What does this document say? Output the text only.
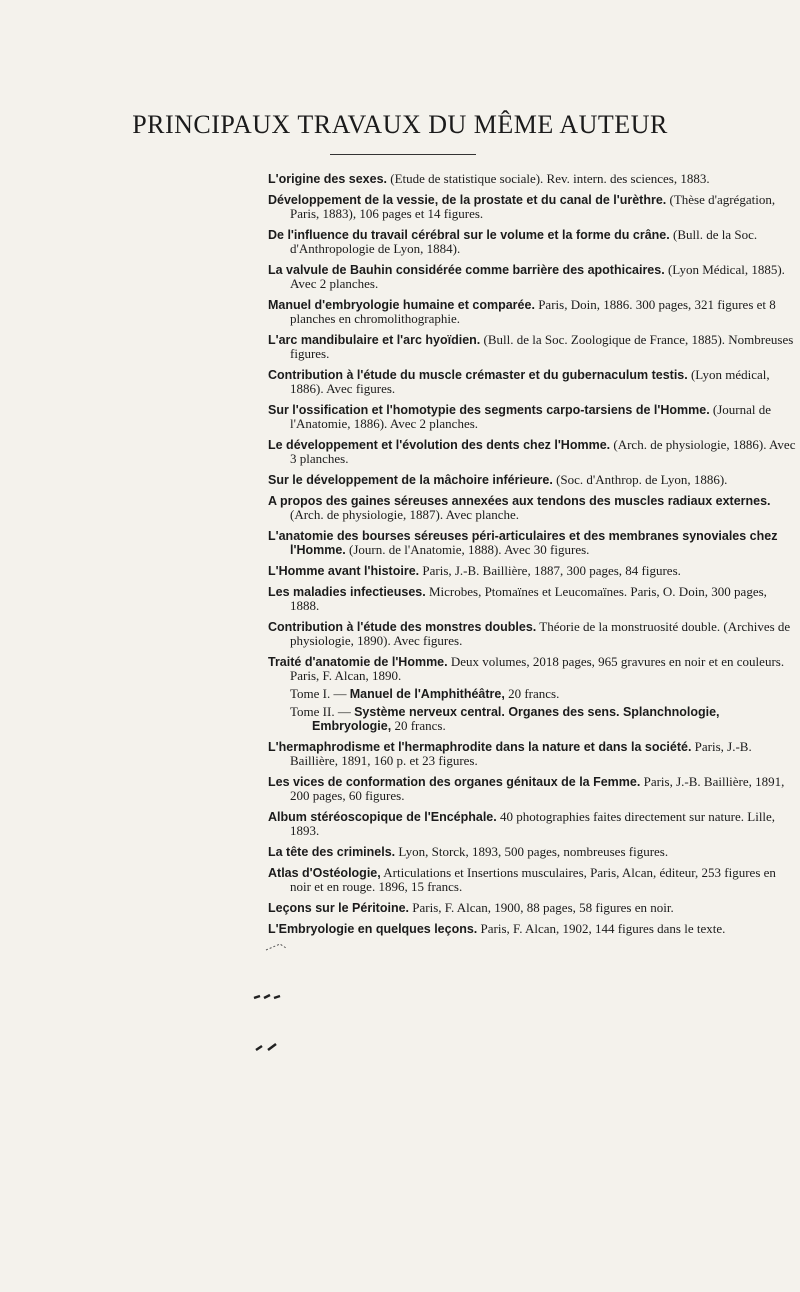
PRINCIPAUX TRAVAUX DU MÊME AUTEUR
L'origine des sexes. (Etude de statistique sociale). Rev. intern. des sciences, 1883.
Développement de la vessie, de la prostate et du canal de l'urèthre. (Thèse d'agrégation, Paris, 1883), 106 pages et 14 figures.
De l'influence du travail cérébral sur le volume et la forme du crâne. (Bull. de la Soc. d'Anthropologie de Lyon, 1884).
La valvule de Bauhin considérée comme barrière des apothicaires. (Lyon Médical, 1885). Avec 2 planches.
Manuel d'embryologie humaine et comparée. Paris, Doin, 1886. 300 pages, 321 figures et 8 planches en chromolithographie.
L'arc mandibulaire et l'arc hyoïdien. (Bull. de la Soc. Zoologique de France, 1885). Nombreuses figures.
Contribution à l'étude du muscle crémaster et du gubernaculum testis. (Lyon médical, 1886). Avec figures.
Sur l'ossification et l'homotypie des segments carpo-tarsiens de l'Homme. (Journal de l'Anatomie, 1886). Avec 2 planches.
Le développement et l'évolution des dents chez l'Homme. (Arch. de physiologie, 1886). Avec 3 planches.
Sur le développement de la mâchoire inférieure. (Soc. d'Anthrop. de Lyon, 1886).
A propos des gaines séreuses annexées aux tendons des muscles radiaux externes. (Arch. de physiologie, 1887). Avec planche.
L'anatomie des bourses séreuses péri-articulaires et des membranes synoviales chez l'Homme. (Journ. de l'Anatomie, 1888). Avec 30 figures.
L'Homme avant l'histoire. Paris, J.-B. Baillière, 1887, 300 pages, 84 figures.
Les maladies infectieuses. Microbes, Ptomaïnes et Leucomaïnes. Paris, O. Doin, 300 pages, 1888.
Contribution à l'étude des monstres doubles. Théorie de la monstruosité double. (Archives de physiologie, 1890). Avec figures.
Traité d'anatomie de l'Homme. Deux volumes, 2018 pages, 965 gravures en noir et en couleurs. Paris, F. Alcan, 1890.
Tome I. — Manuel de l'Amphithéâtre, 20 francs.
Tome II. — Système nerveux central. Organes des sens. Splanchnologie, Embryologie, 20 francs.
L'hermaphrodisme et l'hermaphrodite dans la nature et dans la société. Paris, J.-B. Baillière, 1891, 160 p. et 23 figures.
Les vices de conformation des organes génitaux de la Femme. Paris, J.-B. Baillière, 1891, 200 pages, 60 figures.
Album stéréoscopique de l'Encéphale. 40 photographies faites directement sur nature. Lille, 1893.
La tête des criminels. Lyon, Storck, 1893, 500 pages, nombreuses figures.
Atlas d'Ostéologie, Articulations et Insertions musculaires, Paris, Alcan, éditeur, 253 figures en noir et en rouge. 1896, 15 francs.
Leçons sur le Péritoine. Paris, F. Alcan, 1900, 88 pages, 58 figures en noir.
L'Embryologie en quelques leçons. Paris, F. Alcan, 1902, 144 figures dans le texte.
